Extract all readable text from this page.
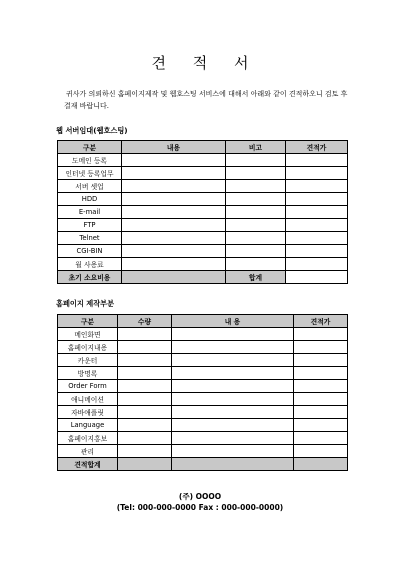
견 적 서
귀사가 의뢰하신 홈페이지제작 및 웹호스팅 서비스에 대해서 아래와 같이 견적하오니 검토 후 결재 바랍니다.
웹 서버임대(웹호스팅)
구분	내용	비고	견적가
도메인 등록			
인터넷 등록업무			
서버 셋업			
HDD			
E-mail			
FTP			
Telnet			
CGI-BIN			
월 사용료			
초기 소요비용		합계	
홈페이지 제작부분
구분	수량	내 용	견적가
메인화면			
홈페이지내용			
카운터			
방명록			
Order Form			
애니메이션			
자바애플릿			
Language			
홈페이지홍보			
관리			
견적합계			
(주) OOOO
(Tel: 000-000-0000 Fax : 000-000-0000)
